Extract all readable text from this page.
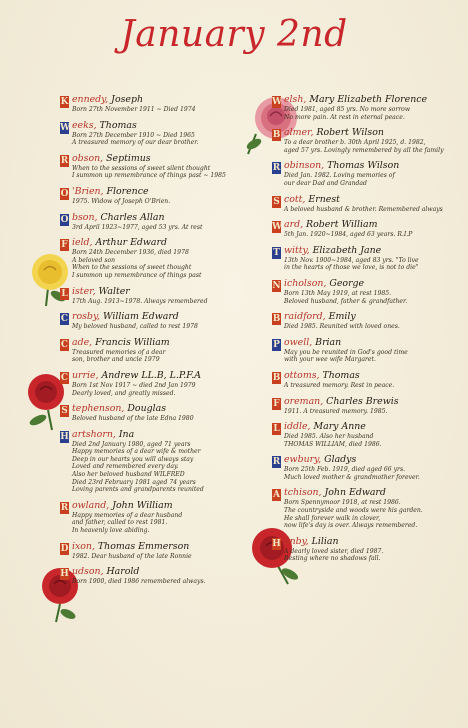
January 2nd
K ennedy, Joseph
Born 27th November 1911 ~ Died 1974
W eeks, Thomas
Born 27th December 1910 ~ Died 1965
A treasured memory of our dear brother.
R obson, Septimus
When to the sessions of sweet silent thought
I summon up remembrance of things past ~ 1985
O 'Brien, Florence
1975. Widow of Joseph O'Brien.
O bson, Charles Allan
3rd April 1923~1977, aged 53 yrs. At rest
F ield, Arthur Edward
Born 24th December 1936, died 1978
A beloved son
When to the sessions of sweet thought
I summon up remembrance of things past
L ister, Walter
17th Aug. 1913~1978. Always remembered
C rosby, William Edward
My beloved husband, called to rest 1978
C ade, Francis William
Treasured memories of a dear
son, brother and uncle 1979
C urrie, Andrew LL.B, L.P.F.A
Born 1st Nov 1917 ~ died 2nd Jan 1979
Dearly loved, and greatly missed.
S tephenson, Douglas
Beloved husband of the late Edna 1980
H artshorn, Ina
Died 2nd January 1980, aged 71 years
Happy memories of a dear wife & mother
Deep in our hearts you will always stay
Loved and remembered every day.
Also her beloved husband WILFRED
Died 23rd February 1981 aged 74 years
Loving parents and grandparents reunited
R owland, John William
Happy memories of a dear husband
and father, called to rest 1981.
In heavenly love abiding.
D ixon, Thomas Emmerson
1982. Dear husband of the late Ronnie
H udson, Harold
Born 1900, died 1986 remembered always.
W elsh, Mary Elizabeth Florence
Died 1981, aged 85 yrs. No more sorrow
No more pain. At rest in eternal peace.
B almer, Robert Wilson
To a dear brother b. 30th April 1925, d. 1982,
aged 57 yrs. Lovingly remembered by all the family
R obinson, Thomas Wilson
Died Jan. 1982. Loving memories of
our dear Dad and Grandad
S cott, Ernest
A beloved husband & brother. Remembered always
W ard, Robert William
5th Jan. 1920~1984, aged 63 years. R.I.P
T witty, Elizabeth Jane
13th Nov. 1900~1984, aged 83 yrs. "To live
in the hearts of those we love, is not to die"
N icholson, George
Born 13th May 1919, at rest 1985.
Beloved husband, father & grandfather.
B raidford, Emily
Died 1985. Reunited with loved ones.
P owell, Brian
May you be reunited in God's good time
with your wee wife Margaret.
B ottoms, Thomas
A treasured memory. Rest in peace.
F oreman, Charles Brewis
1911. A treasured memory. 1985.
L iddle, Mary Anne
Died 1985. Also her husband
THOMAS WILLIAM, died 1986.
R ewbury, Gladys
Born 25th Feb. 1919, died aged 66 yrs.
Much loved mother & grandmother forever.
A tchison, John Edward
Born Spennymoor 1918, at rest 1986.
The countryside and woods were his garden.
He shall forever walk in clover,
now life's day is over. Always remembered.
H anby, Lilian
A dearly loved sister, died 1987.
Resting where no shadows fall.
